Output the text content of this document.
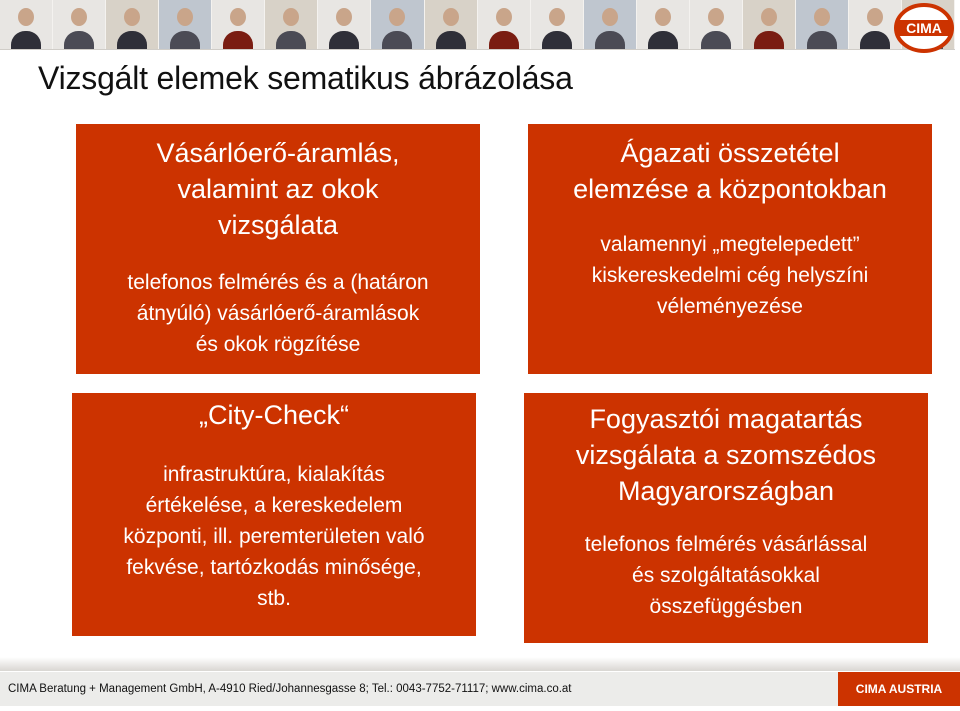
CIMA
Vizsgált elemek sematikus ábrázolása
Vásárlóerő-áramlás,
valamint az okok
vizsgálata
telefonos felmérés és a (határon
átnyúló) vásárlóerő-áramlások
és okok rögzítése
Ágazati összetétel
elemzése a központokban
valamennyi „megtelepedett”
kiskereskedelmi cég helyszíni
véleményezése
„City-Check“
infrastruktúra, kialakítás
értékelése, a kereskedelem
központi, ill. peremterületen való
fekvése, tartózkodás minősége,
stb.
Fogyasztói magatartás
vizsgálata a szomszédos
Magyarországban
telefonos felmérés vásárlással
és szolgáltatásokkal
összefüggésben
CIMA Beratung + Management GmbH, A-4910 Ried/Johannesgasse 8; Tel.: 0043-7752-71117; www.cima.co.at	CIMA AUSTRIA
